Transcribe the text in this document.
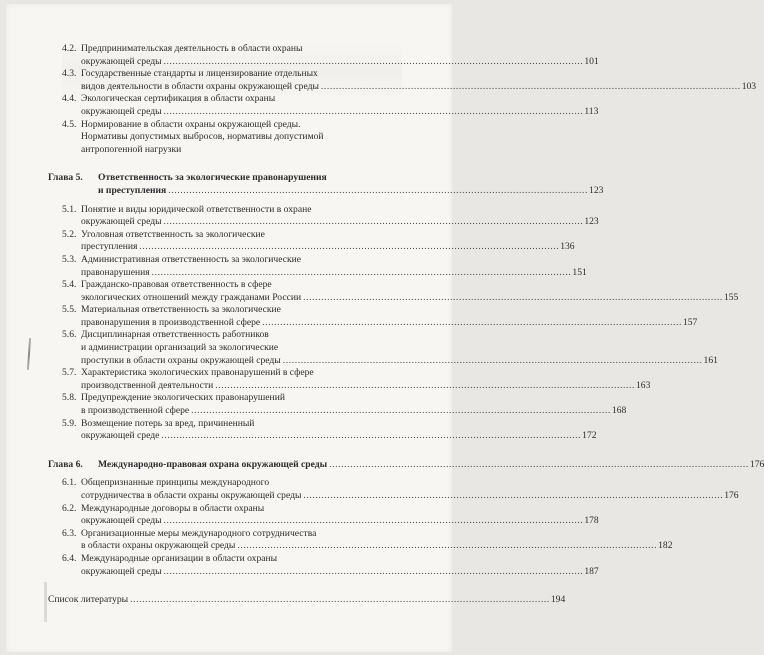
4.2. Предпринимательская деятельность в области охраны
окружающей среды ............................................................................................................................................101
4.3. Государственные стандарты и лицензирование отдельных
видов деятельности в области охраны окружающей среды ............................................................................................................................................103
4.4. Экологическая сертификация в области охраны
окружающей среды ............................................................................................................................................113
4.5. Нормирование в области охраны окружающей среды.
Нормативы допустимых выбросов, нормативы допустимой
антропогенной нагрузки
Глава 5. Ответственность за экологические правонарушения
и преступления ............................................................................................................................................123
5.1. Понятие и виды юридической ответственности в охране
окружающей среды ............................................................................................................................................123
5.2. Уголовная ответственность за экологические
преступления ............................................................................................................................................136
5.3. Административная ответственность за экологические
правонарушения ............................................................................................................................................151
5.4. Гражданско-правовая ответственность в сфере
экологических отношений между гражданами России ............................................................................................................................................155
5.5. Материальная ответственность за экологические
правонарушения в производственной сфере ............................................................................................................................................157
5.6. Дисциплинарная ответственность работников
и администрации организаций за экологические
проступки в области охраны окружающей среды ............................................................................................................................................161
5.7. Характеристика экологических правонарушений в сфере
производственной деятельности ............................................................................................................................................163
5.8. Предупреждение экологических правонарушений
в производственной сфере ............................................................................................................................................168
5.9. Возмещение потерь за вред, причиненный
окружающей среде ............................................................................................................................................172
Глава 6. Международно-правовая охрана окружающей среды ............................................................................................................................................176
6.1. Общепризнанные принципы международного
сотрудничества в области охраны окружающей среды ............................................................................................................................................176
6.2. Международные договоры в области охраны
окружающей среды ............................................................................................................................................178
6.3. Организационные меры международного сотрудничества
в области охраны окружающей среды ............................................................................................................................................182
6.4. Международные организации в области охраны
окружающей среды ............................................................................................................................................187
Список литературы ............................................................................................................................................194
